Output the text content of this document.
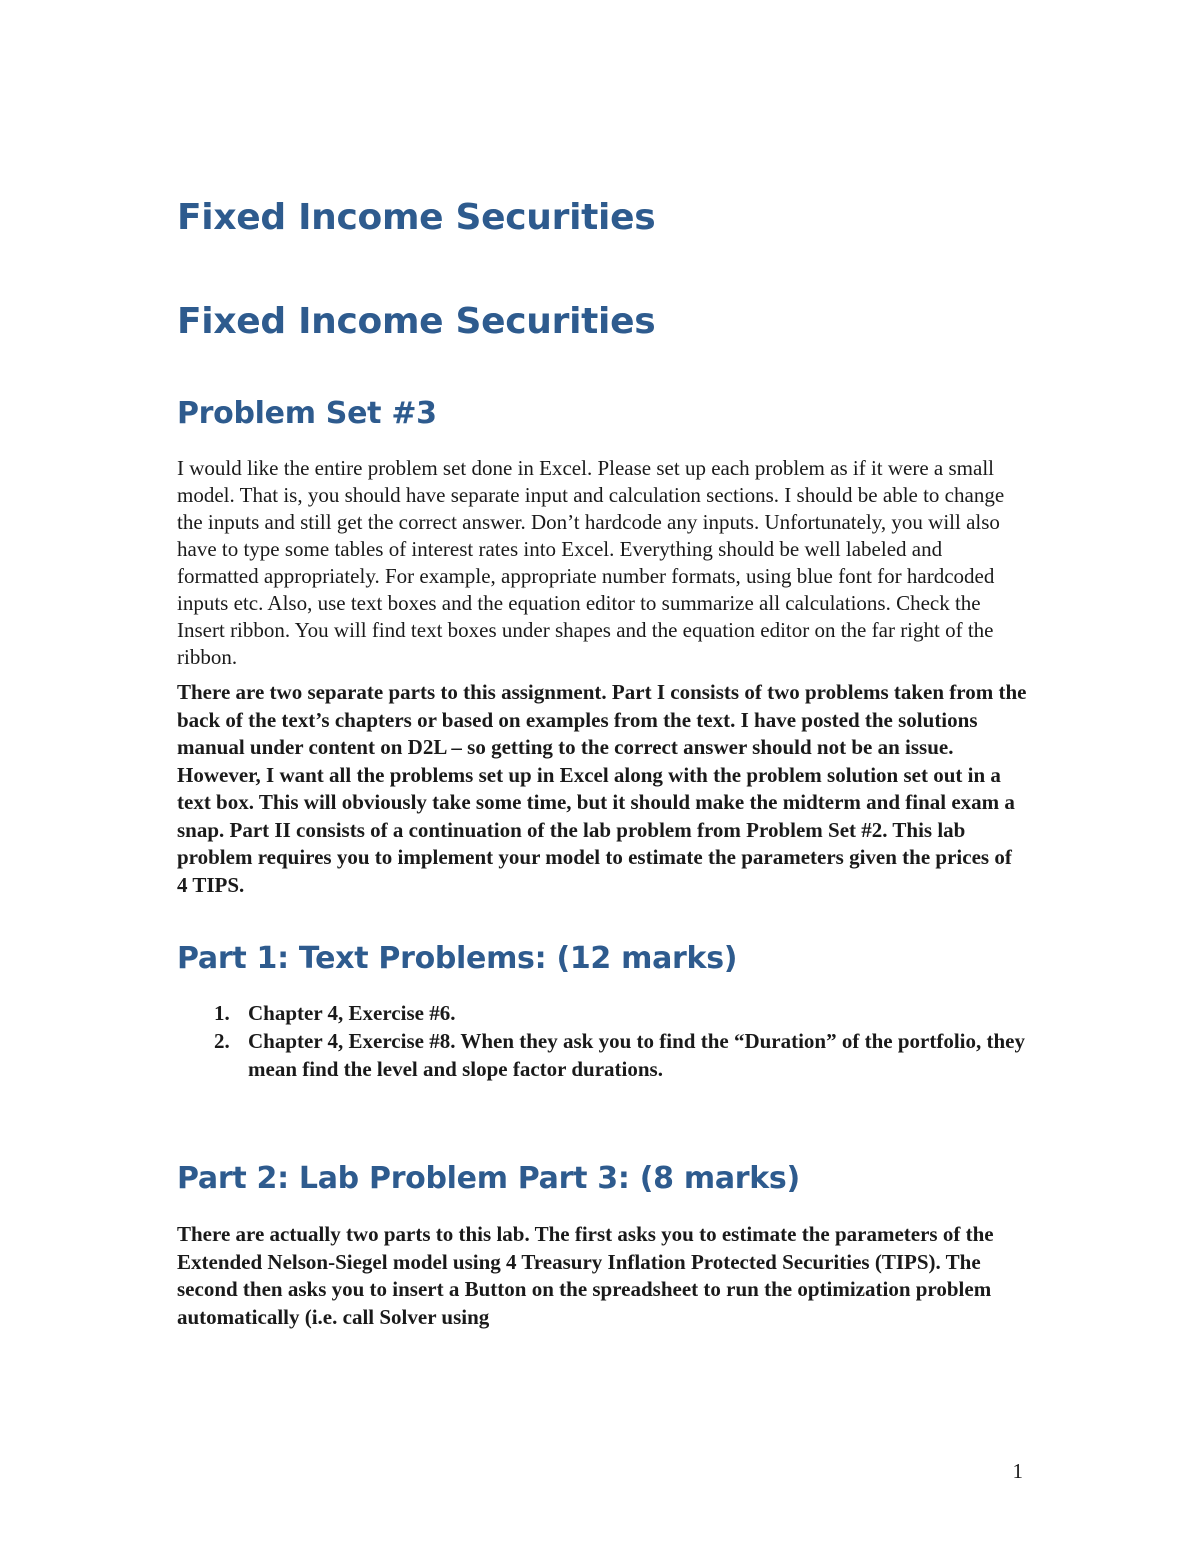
Fixed Income Securities
Fixed Income Securities
Problem Set #3

I would like the entire problem set done in Excel. Please set up each problem as if it were a small model. That is, you should have separate input and calculation sections. I should be able to change the inputs and still get the correct answer. Don’t hardcode any inputs. Unfortunately, you will also have to type some tables of interest rates into Excel. Everything should be well labeled and formatted appropriately. For example, appropriate number formats, using blue font for hardcoded inputs etc. Also, use text boxes and the equation editor to summarize all calculations. Check the Insert ribbon. You will find text boxes under shapes and the equation editor on the far right of the ribbon.

There are two separate parts to this assignment. Part I consists of two problems taken from the back of the text’s chapters or based on examples from the text. I have posted the solutions manual under content on D2L – so getting to the correct answer should not be an issue. However, I want all the problems set up in Excel along with the problem solution set out in a text box. This will obviously take some time, but it should make the midterm and final exam a snap. Part II consists of a continuation of the lab problem from Problem Set #2. This lab problem requires you to implement your model to estimate the parameters given the prices of 4 TIPS.

Part 1: Text Problems: (12 marks)
1. Chapter 4, Exercise #6.
2. Chapter 4, Exercise #8. When they ask you to find the “Duration” of the portfolio, they mean find the level and slope factor durations.
Part 2: Lab Problem Part 3: (8 marks)

There are actually two parts to this lab. The first asks you to estimate the parameters of the Extended Nelson-Siegel model using 4 Treasury Inflation Protected Securities (TIPS). The second then asks you to insert a Button on the spreadsheet to run the optimization problem automatically (i.e. call Solver using

1
